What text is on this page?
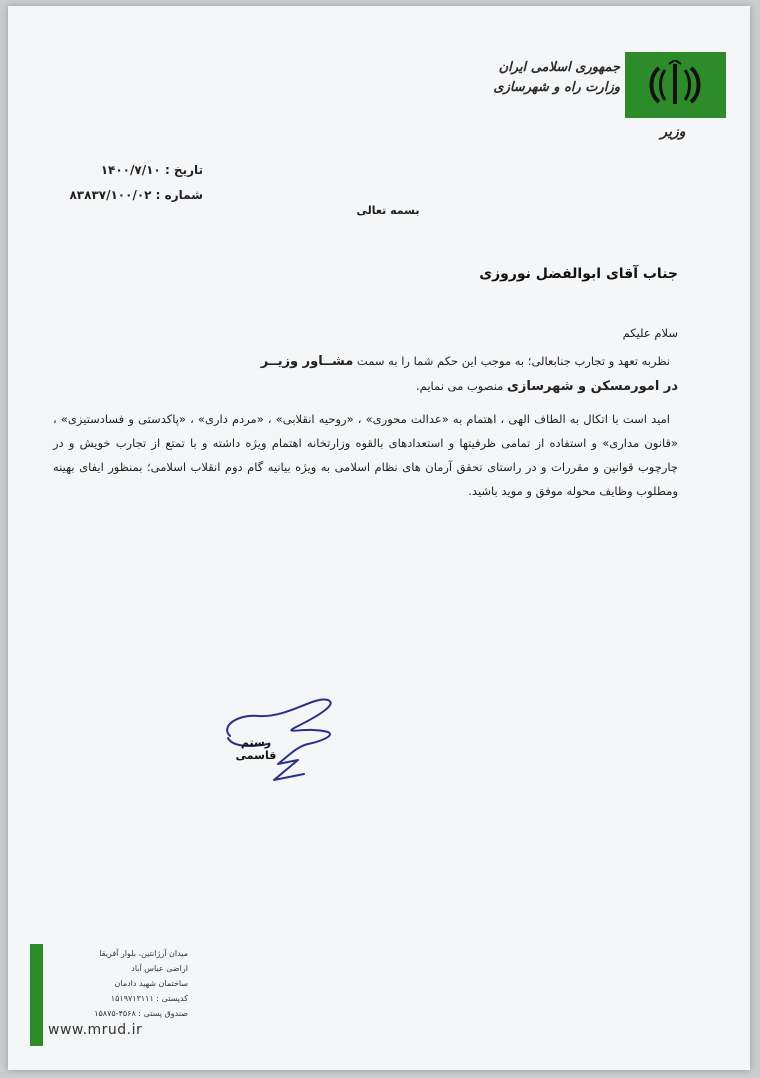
جمهوری اسلامی ایران
وزارت راه و شهرسازی
وزیر
تاریخ : ۱۴۰۰/۷/۱۰
شماره : ۸۳۸۳۷/۱۰۰/۰۲
بسمه تعالی
جناب آقای ابوالفضل نوروزی

سلام علیکم

نظربه تعهد و تجارب جنابعالی؛ به موجب این حکم شما را به سمت مشــاور وزیــر
در امورمسکن و شهرسازی منصوب می نمایم.

امید است با اتکال به الطاف الهی ، اهتمام به «عدالت محوری» ، «روحیه انقلابی» ، «مردم داری» ، «پاکدستی و فسادستیزی» ، «قانون مداری» و استفاده از تمامی ظرفیتها و استعدادهای بالقوه وزارتخانه اهتمام ویژه داشته و با تمتع از تجارب خویش و در چارچوب قوانین و مقررات و در راستای تحقق آرمان های نظام اسلامی به ویژه بیانیه گام دوم انقلاب اسلامی؛ بمنظور ایفای بهینه ومطلوب وظایف محوله موفق و موید باشید.

رستم قاسمی
میدان آرژانتین، بلوار آفریقا
اراضی عباس آباد
ساختمان شهید دادمان
کدپستی : ۱۵۱۹۷۱۳۱۱۱
صندوق پستی : ۴۵۶۸-۱۵۸۷۵
www.mrud.ir
